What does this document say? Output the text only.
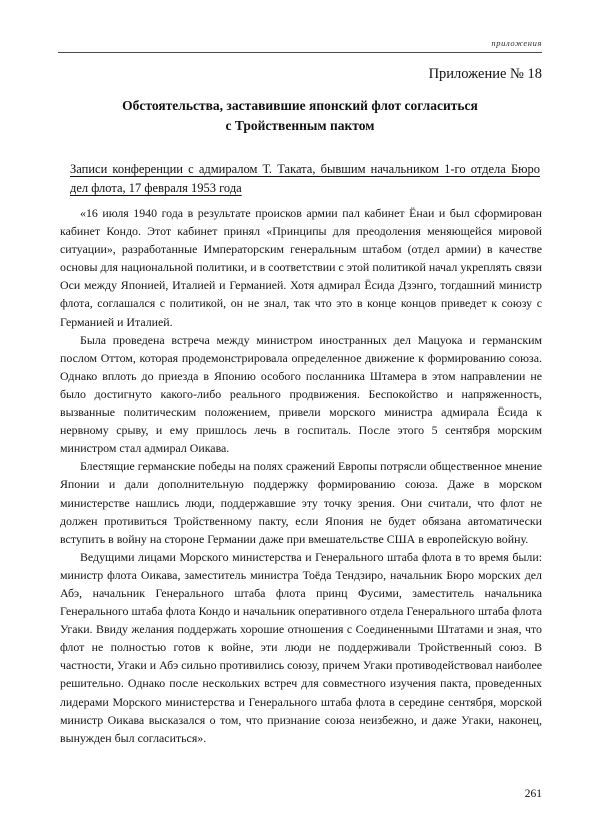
приложения
Приложение № 18
Обстоятельства, заставившие японский флот согласиться
с Тройственным пактом
Записи конференции с адмиралом Т. Таката, бывшим начальником 1-го отдела Бюро дел флота, 17 февраля 1953 года

«16 июля 1940 года в результате происков армии пал кабинет Ёнаи и был сформирован кабинет Кондо. Этот кабинет принял «Принципы для преодоления меняющейся мировой ситуации», разработанные Императорским генеральным штабом (отдел армии) в качестве основы для национальной политики, и в соответствии с этой политикой начал укреплять связи Оси между Японией, Италией и Германией. Хотя адмирал Ёсида Дзэнго, тогдашний министр флота, соглашался с политикой, он не знал, так что это в конце концов приведет к союзу с Германией и Италией.

Была проведена встреча между министром иностранных дел Мацуока и германским послом Оттом, которая продемонстрировала определенное движение к формированию союза. Однако вплоть до приезда в Японию особого посланника Штамера в этом направлении не было достигнуто какого-либо реального продвижения. Беспокойство и напряженность, вызванные политическим положением, привели морского министра адмирала Ёсида к нервному срыву, и ему пришлось лечь в госпиталь. После этого 5 сентября морским министром стал адмирал Оикава.

Блестящие германские победы на полях сражений Европы потрясли общественное мнение Японии и дали дополнительную поддержку формированию союза. Даже в морском министерстве нашлись люди, поддержавшие эту точку зрения. Они считали, что флот не должен противиться Тройственному пакту, если Япония не будет обязана автоматически вступить в войну на стороне Германии даже при вмешательстве США в европейскую войну.

Ведущими лицами Морского министерства и Генерального штаба флота в то время были: министр флота Оикава, заместитель министра Тоёда Тендзиро, начальник Бюро морских дел Абэ, начальник Генерального штаба флота принц Фусими, заместитель начальника Генерального штаба флота Кондо и начальник оперативного отдела Генерального штаба флота Угаки. Ввиду желания поддержать хорошие отношения с Соединенными Штатами и зная, что флот не полностью готов к войне, эти люди не поддерживали Тройственный союз. В частности, Угаки и Абэ сильно противились союзу, причем Угаки противодействовал наиболее решительно. Однако после нескольких встреч для совместного изучения пакта, проведенных лидерами Морского министерства и Генерального штаба флота в середине сентября, морской министр Оикава высказался о том, что признание союза неизбежно, и даже Угаки, наконец, вынужден был согласиться».

261
